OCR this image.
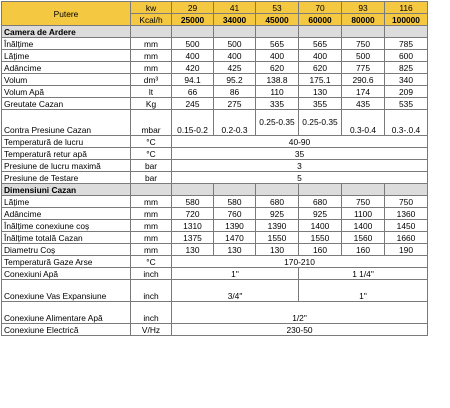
Putere	kw	29	41	53	70	93	116
	Kcal/h	25000	34000	45000	60000	80000	100000
Camera de Ardere							
Înălțime	mm	500	500	565	565	750	785
Lățime	mm	400	400	400	400	500	600
Adâncime	mm	420	425	620	620	775	825
Volum	dm³	94.1	95.2	138.8	175.1	290.6	340
Volum Apă	lt	66	86	110	130	174	209
Greutate Cazan	Kg	245	275	335	355	435	535
Contra Presiune Cazan	mbar	0.15-0.2	0.2-0.3	0.25-0.35	0.25-0.35	0.3-0.4	0.3-.0.4
Temperatură de lucru	°C	40-90					
Temperatură retur apă	°C	35					
Presiune de lucru maximă	bar	3					
Presiune de Testare	bar	5					
Dimensiuni Cazan							
Lățime	mm	580	580	680	680	750	750
Adâncime	mm	720	760	925	925	1100	1360
Înălțime conexiune coș	mm	1310	1390	1390	1400	1400	1450
Înălțime totală Cazan	mm	1375	1470	1550	1550	1560	1660
Diametru Coș	mm	130	130	130	160	160	190
Temperatură Gaze Arse	°C	170-210					
Conexiuni Apă	inch	1"			1 1/4"		
Conexiune Vas Expansiune	inch	3/4"			1"		
Conexiune Alimentare Apă	inch	1/2"					
Conexiune Electrică	V/Hz	230-50					
